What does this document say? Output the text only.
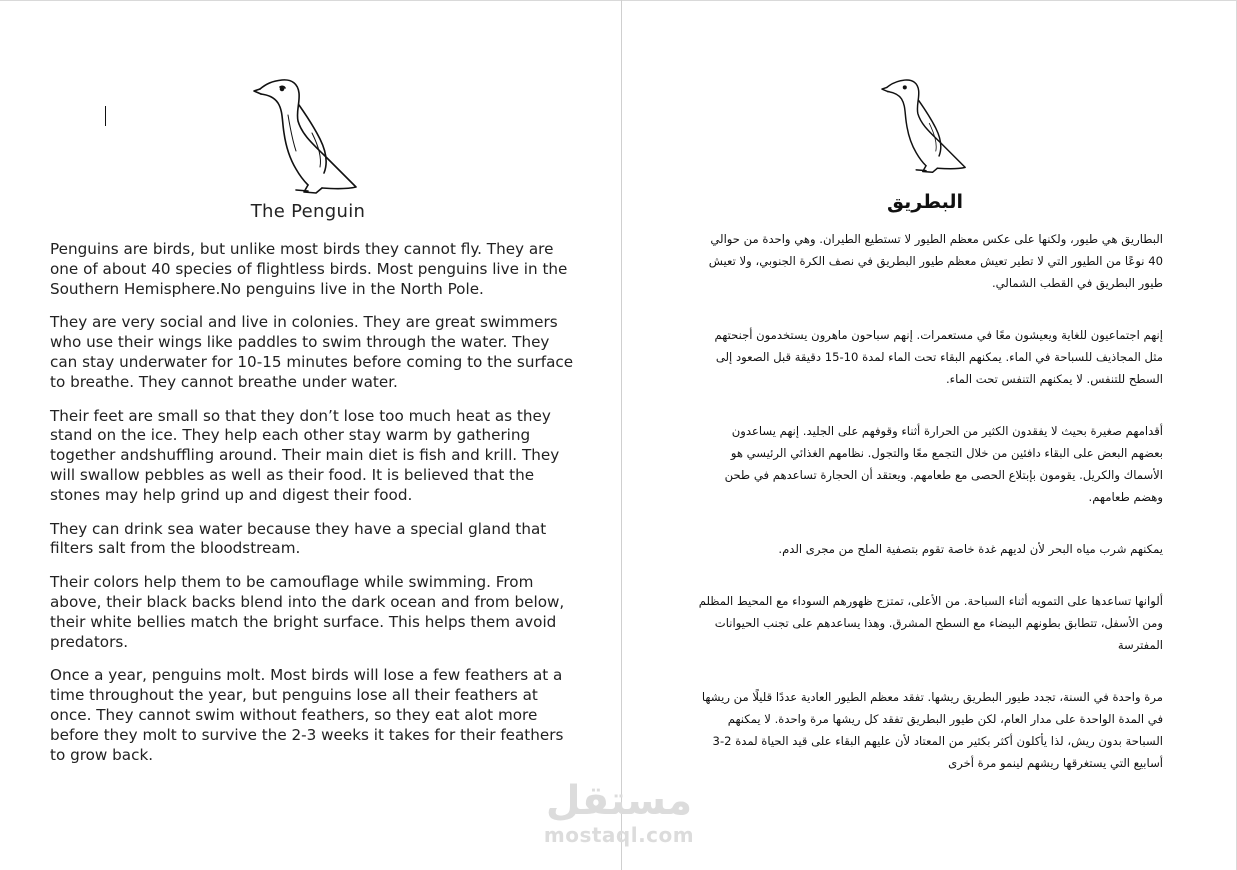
The Penguin

Penguins are birds, but unlike most birds they cannot fly. They are one of about 40 species of flightless birds. Most penguins live in the Southern Hemisphere.No penguins live in the North Pole.

They are very social and live in colonies. They are great swimmers who use their wings like paddles to swim through the water. They can stay underwater for 10-15 minutes before coming to the surface to breathe. They cannot breathe under water.

Their feet are small so that they don’t lose too much heat as they stand on the ice. They help each other stay warm by gathering together andshuffling around. Their main diet is fish and krill. They will swallow pebbles as well as their food. It is believed that the stones may help grind up and digest their food.

They can drink sea water because they have a special gland that filters salt from the bloodstream.

Their colors help them to be camouflage while swimming. From above, their black backs blend into the dark ocean and from below, their white bellies match the bright surface. This helps them avoid predators.

Once a year, penguins molt. Most birds will lose a few feathers at a time throughout the year, but penguins lose all their feathers at once. They cannot swim without feathers, so they eat alot more before they molt to survive the 2-3 weeks it takes for their feathers to grow back.

البطريق

البطاريق هي طيور، ولكنها على عكس معظم الطيور لا تستطيع الطيران. وهي واحدة من حوالي 40 نوعًا من الطيور التي لا تطير تعيش معظم طيور البطريق في نصف الكرة الجنوبي، ولا تعيش طيور البطريق في القطب الشمالي.

إنهم اجتماعيون للغاية ويعيشون معًا في مستعمرات. إنهم سباحون ماهرون يستخدمون أجنحتهم مثل المجاذيف للسباحة في الماء. يمكنهم البقاء تحت الماء لمدة 10-15 دقيقة قبل الصعود إلى السطح للتنفس. لا يمكنهم التنفس تحت الماء.

أقدامهم صغيرة بحيث لا يفقدون الكثير من الحرارة أثناء وقوفهم على الجليد. إنهم يساعدون بعضهم البعض على البقاء دافئين من خلال التجمع معًا والتجول. نظامهم الغذائي الرئيسي هو الأسماك والكريل. يقومون بإبتلاع الحصى مع طعامهم. ويعتقد أن الحجارة تساعدهم في طحن وهضم طعامهم.

يمكنهم شرب مياه البحر لأن لديهم غدة خاصة تقوم بتصفية الملح من مجرى الدم.

ألوانها تساعدها على التمويه أثناء السباحة. من الأعلى، تمتزج ظهورهم السوداء مع المحيط المظلم ومن الأسفل، تتطابق بطونهم البيضاء مع السطح المشرق. وهذا يساعدهم على تجنب الحيوانات المفترسة

مرة واحدة في السنة، تجدد طيور البطريق ريشها. تفقد معظم الطيور العادية عددًا قليلًا من ريشها في المدة الواحدة على مدار العام، لكن طيور البطريق تفقد كل ريشها مرة واحدة. لا يمكنهم السباحة بدون ريش، لذا يأكلون أكثر بكثير من المعتاد لأن عليهم البقاء على قيد الحياة لمدة 2-3 أسابيع التي يستغرقها ريشهم لينمو مرة أخرى

مستقل
mostaql.com
